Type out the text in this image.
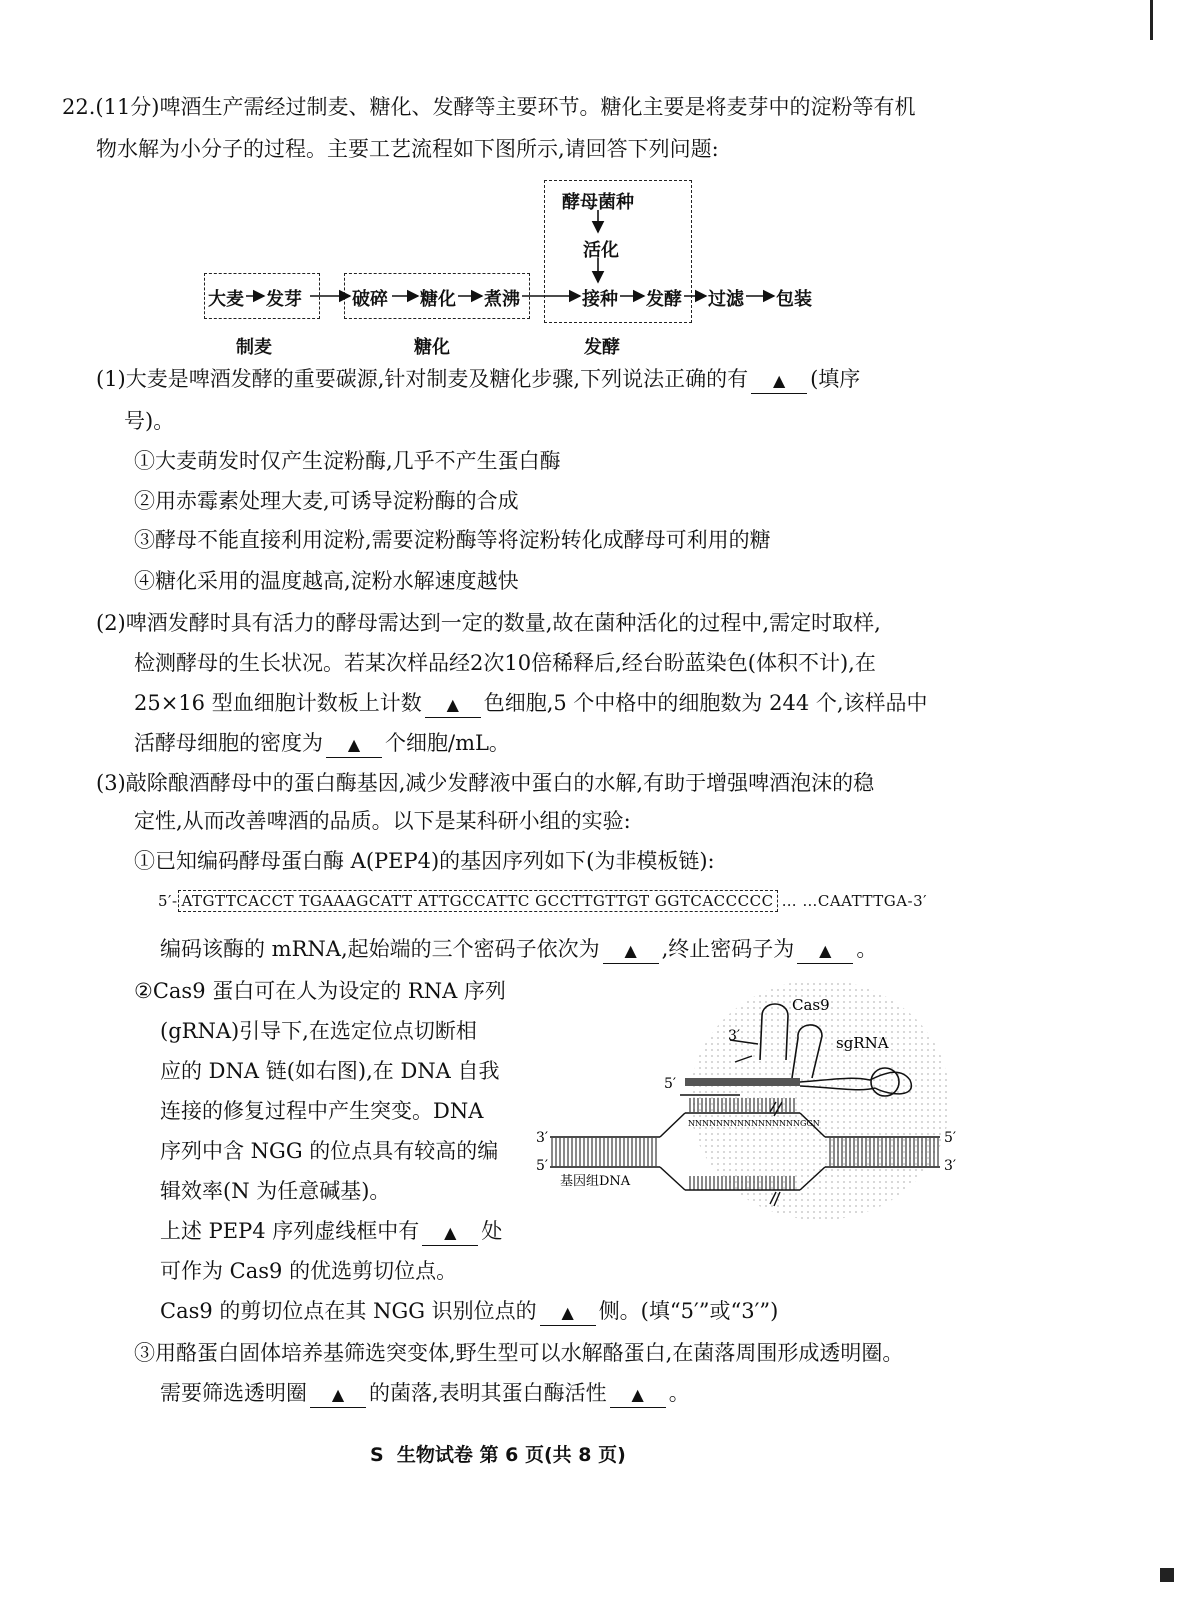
22.(11分)啤酒生产需经过制麦、糖化、发酵等主要环节。糖化主要是将麦芽中的淀粉等有机
物水解为小分子的过程。主要工艺流程如下图所示,请回答下列问题:
大麦 发芽	破碎 糖化 煮沸
酵母菌种
活化
接种 发酵 过滤 包装
制麦	糖化	发酵
(1)大麦是啤酒发酵的重要碳源,针对制麦及糖化步骤,下列说法正确的有 ▲ (填序
号)。
①大麦萌发时仅产生淀粉酶,几乎不产生蛋白酶
②用赤霉素处理大麦,可诱导淀粉酶的合成
③酵母不能直接利用淀粉,需要淀粉酶等将淀粉转化成酵母可利用的糖
④糖化采用的温度越高,淀粉水解速度越快
(2)啤酒发酵时具有活力的酵母需达到一定的数量,故在菌种活化的过程中,需定时取样,
检测酵母的生长状况。若某次样品经2次10倍稀释后,经台盼蓝染色(体积不计),在
25×16 型血细胞计数板上计数 ▲ 色细胞,5 个中格中的细胞数为 244 个,该样品中
活酵母细胞的密度为 ▲ 个细胞/mL。
(3)敲除酿酒酵母中的蛋白酶基因,减少发酵液中蛋白的水解,有助于增强啤酒泡沫的稳
定性,从而改善啤酒的品质。以下是某科研小组的实验:
①已知编码酵母蛋白酶 A(PEP4)的基因序列如下(为非模板链):
5′- ATGTTCACCT TGAAAGCATT ATTGCCATTC GCCTTGTTGT GGTCACCCCC … …CAATTTGA-3′
编码该酶的 mRNA,起始端的三个密码子依次为 ▲ ,终止密码子为 ▲ 。
②Cas9 蛋白可在人为设定的 RNA 序列
(gRNA)引导下,在选定位点切断相
应的 DNA 链(如右图),在 DNA 自我
连接的修复过程中产生突变。DNA
序列中含 NGG 的位点具有较高的编
辑效率(N 为任意碱基)。
上述 PEP4 序列虚线框中有 ▲ 处
可作为 Cas9 的优选剪切位点。
Cas9 的剪切位点在其 NGG 识别位点的 ▲ 侧。(填“5′”或“3′”)
5′
3′
5′
5′
3′
3′
Cas9
sgRNA
基因组DNA
NNNNNNNNNNNNNNNNGGN
③用酪蛋白固体培养基筛选突变体,野生型可以水解酪蛋白,在菌落周围形成透明圈。
需要筛选透明圈 ▲ 的菌落,表明其蛋白酶活性 ▲ 。
S  生物试卷 第 6 页(共 8 页)
